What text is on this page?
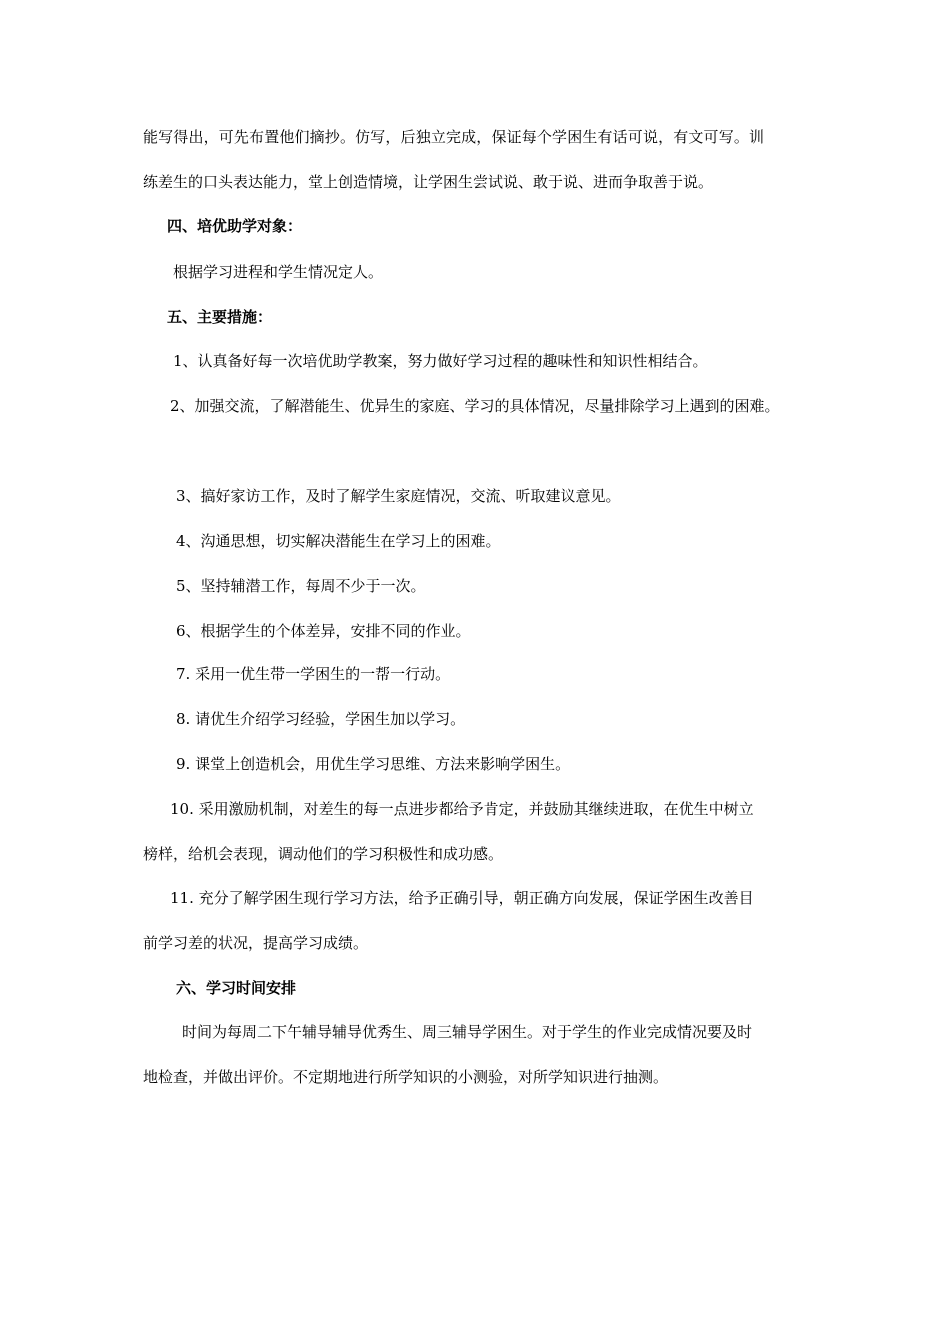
能写得出，可先布置他们摘抄。仿写，后独立完成，保证每个学困生有话可说，有文可写。训
练差生的口头表达能力，堂上创造情境，让学困生尝试说、敢于说、进而争取善于说。
四、培优助学对象：
根据学习进程和学生情况定人。
五、主要措施：
1、认真备好每一次培优助学教案，努力做好学习过程的趣味性和知识性相结合。
2、加强交流，了解潜能生、优异生的家庭、学习的具体情况，尽量排除学习上遇到的困难。
3、搞好家访工作，及时了解学生家庭情况，交流、听取建议意见。
4、沟通思想，切实解决潜能生在学习上的困难。
5、坚持辅潜工作，每周不少于一次。
6、根据学生的个体差异，安排不同的作业。
7. 采用一优生带一学困生的一帮一行动。
8. 请优生介绍学习经验，学困生加以学习。
9. 课堂上创造机会，用优生学习思维、方法来影响学困生。
10. 采用激励机制，对差生的每一点进步都给予肯定，并鼓励其继续进取，在优生中树立
榜样，给机会表现，调动他们的学习积极性和成功感。
11. 充分了解学困生现行学习方法，给予正确引导，朝正确方向发展，保证学困生改善目
前学习差的状况，提高学习成绩。
六、学习时间安排
时间为每周二下午辅导辅导优秀生、周三辅导学困生。对于学生的作业完成情况要及时
地检查，并做出评价。不定期地进行所学知识的小测验，对所学知识进行抽测。
